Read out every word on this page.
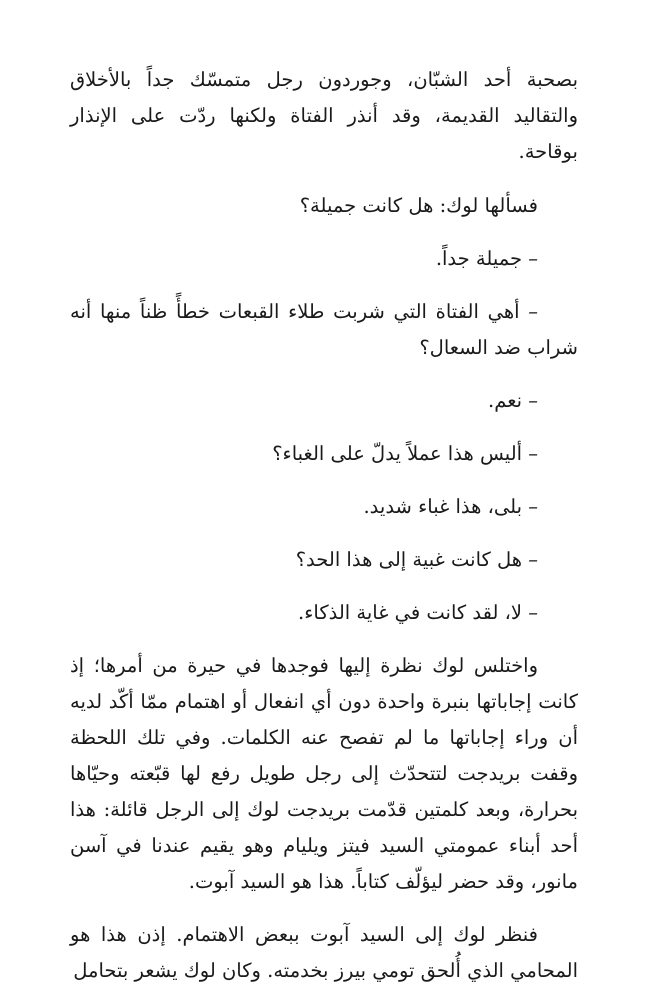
بصحبة أحد الشبّان، وجوردون رجل متمسّك جداً بالأخلاق والتقاليد القديمة، وقد أنذر الفتاة ولكنها ردّت على الإنذار بوقاحة.

فسألها لوك: هل كانت جميلة؟

– جميلة جداً.

– أهي الفتاة التي شربت طلاء القبعات خطأً ظناً منها أنه شراب ضد السعال؟

– نعم.

– أليس هذا عملاً يدلّ على الغباء؟

– بلى، هذا غباء شديد.

– هل كانت غبية إلى هذا الحد؟

– لا، لقد كانت في غاية الذكاء.

واختلس لوك نظرة إليها فوجدها في حيرة من أمرها؛ إذ كانت إجاباتها بنبرة واحدة دون أي انفعال أو اهتمام ممّا أكّد لديه أن وراء إجاباتها ما لم تفصح عنه الكلمات. وفي تلك اللحظة وقفت بريدجت لتتحدّث إلى رجل طويل رفع لها قبّعته وحيّاها بحرارة، وبعد كلمتين قدّمت بريدجت لوك إلى الرجل قائلة: هذا أحد أبناء عمومتي السيد فيتز ويليام وهو يقيم عندنا في آسن مانور، وقد حضر ليؤلّف كتاباً. هذا هو السيد آبوت.

فنظر لوك إلى السيد آبوت ببعض الاهتمام. إذن هذا هو المحامي الذي أُلحق تومي بيرز بخدمته. وكان لوك يشعر بتحامل
